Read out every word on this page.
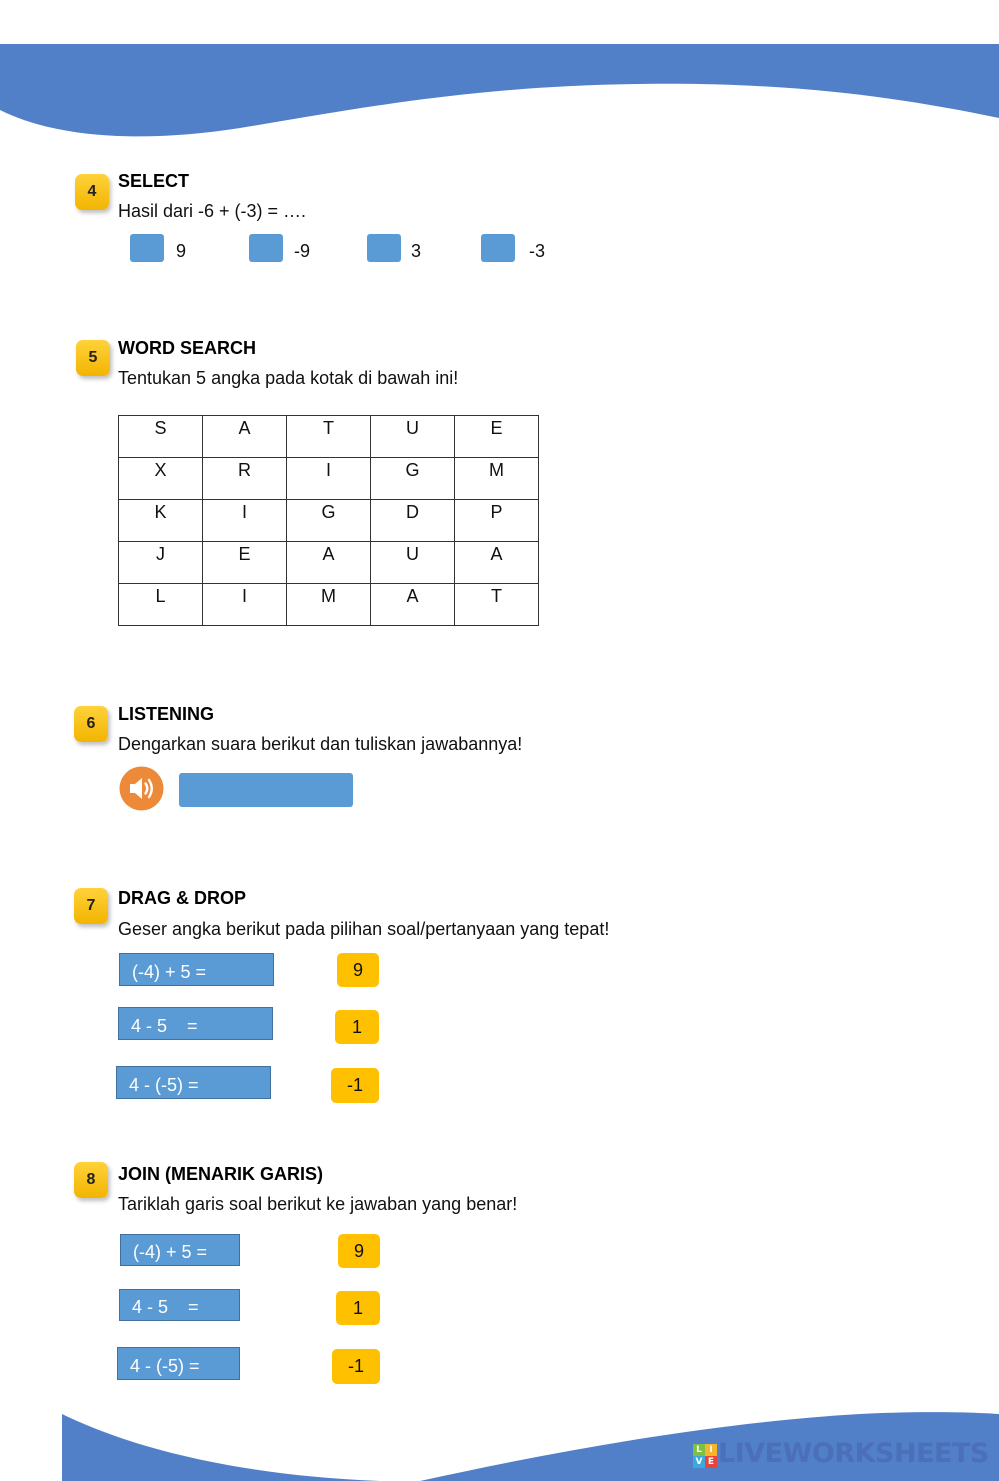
4
SELECT
Hasil dari -6 + (-3) = ….
9	-9	3	-3
5	WORD SEARCH
Tentukan 5 angka pada kotak di bawah ini!
S	A	T	U	E
X	R	I	G	M
K	I	G	D	P
J	E	A	U	A
L	I	M	A	T
6	LISTENING
Dengarkan suara berikut dan tuliskan jawabannya!
7	DRAG & DROP
Geser angka berikut pada pilihan soal/pertanyaan yang tepat!
(-4) + 5 =
4 - 5    =
4 - (-5) =
9
1
-1
8	JOIN (MENARIK GARIS)
Tariklah garis soal berikut ke jawaban yang benar!
(-4) + 5 =
4 - 5    =
4 - (-5) =
9
1
-1
L I
V E LIVEWORKSHEETS
